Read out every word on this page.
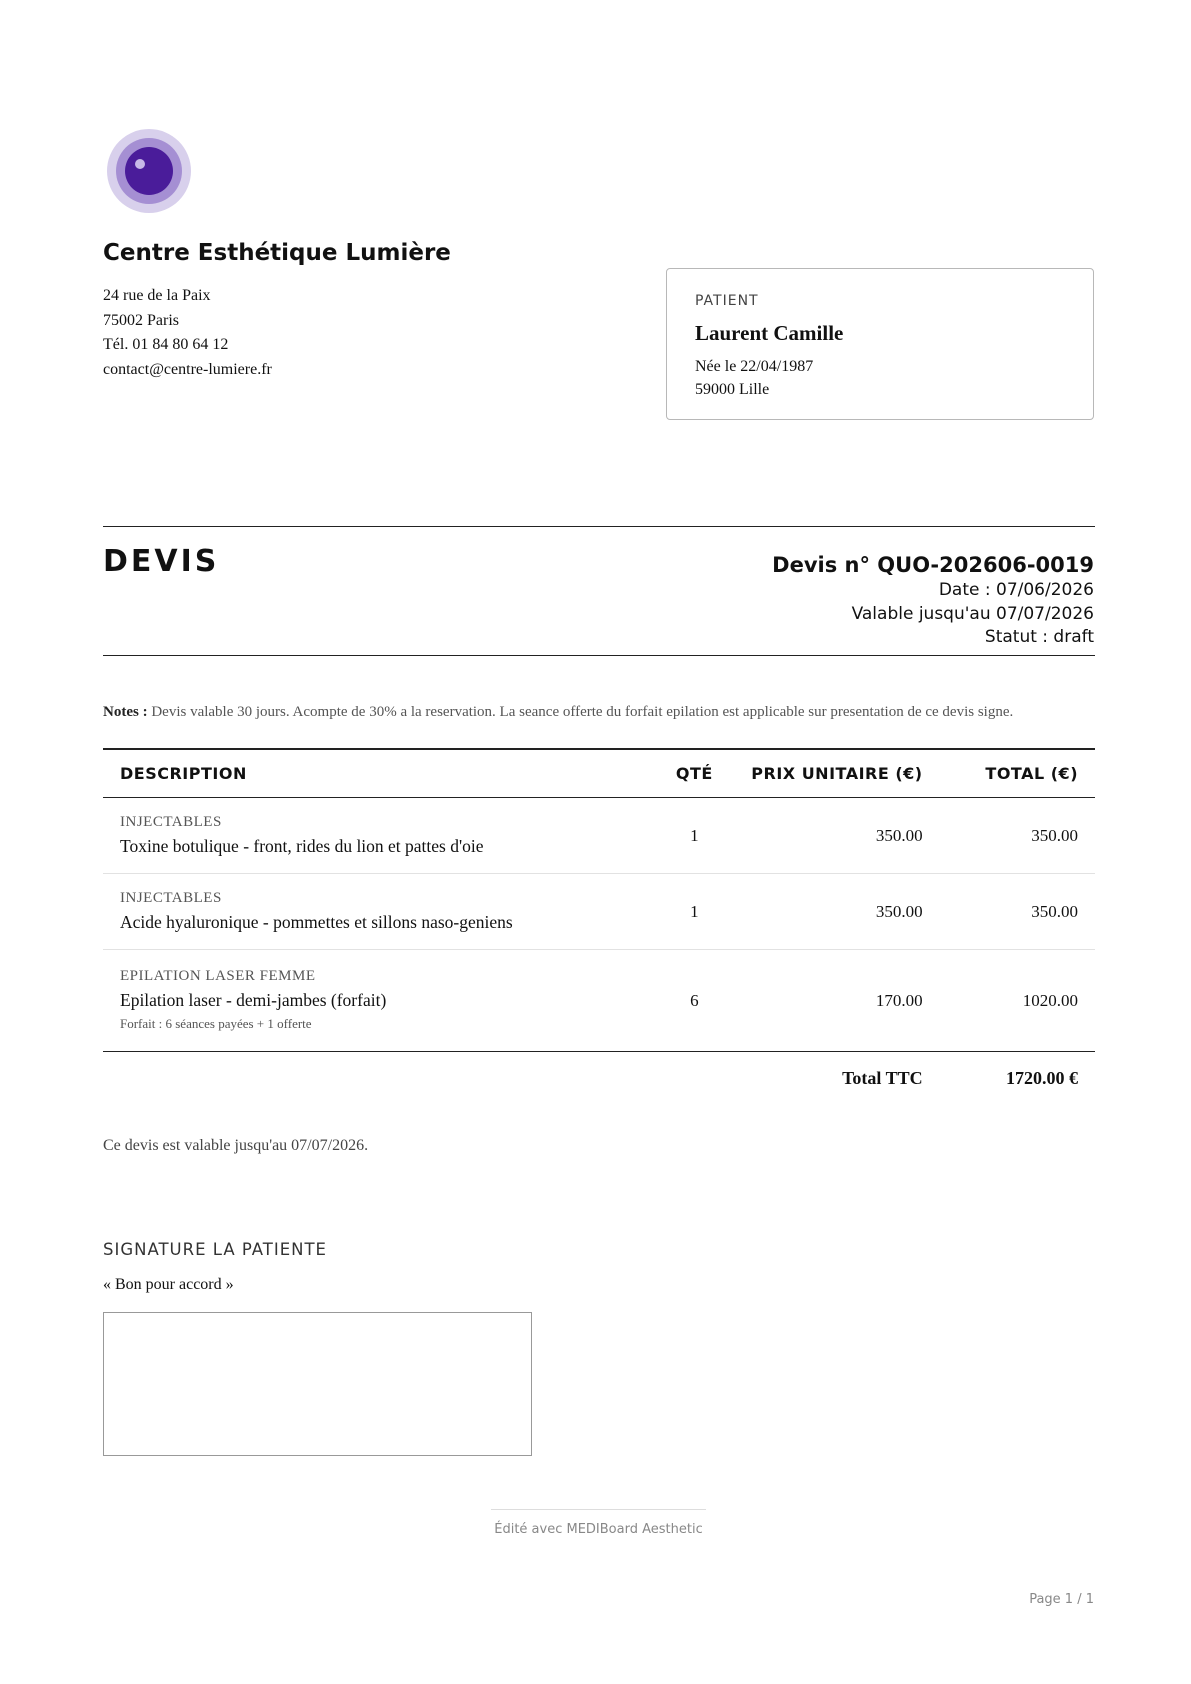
Centre Esthétique Lumière
24 rue de la Paix
75002 Paris
Tél. 01 84 80 64 12
contact@centre-lumiere.fr
PATIENT
Laurent Camille
Née le 22/04/1987
59000 Lille
DEVIS	Devis n° QUO-202606-0019
Date : 07/06/2026
Valable jusqu'au 07/07/2026
Statut : draft
Notes : Devis valable 30 jours. Acompte de 30% a la reservation. La seance offerte du forfait epilation est applicable sur presentation de ce devis signe.
DESCRIPTION	QTÉ	PRIX UNITAIRE (€)	TOTAL (€)

INJECTABLES
Toxine botulique - front, rides du lion et pattes d'oie	1	350.00	350.00

INJECTABLES
Acide hyaluronique - pommettes et sillons naso-geniens	1	350.00	350.00

EPILATION LASER FEMME
Epilation laser - demi-jambes (forfait)
Forfait : 6 séances payées + 1 offerte	6	170.00	1020.00
		Total TTC	1720.00 €
Ce devis est valable jusqu'au 07/07/2026.
SIGNATURE LA PATIENTE
« Bon pour accord »
Édité avec MEDIBoard Aesthetic
Page 1 / 1
